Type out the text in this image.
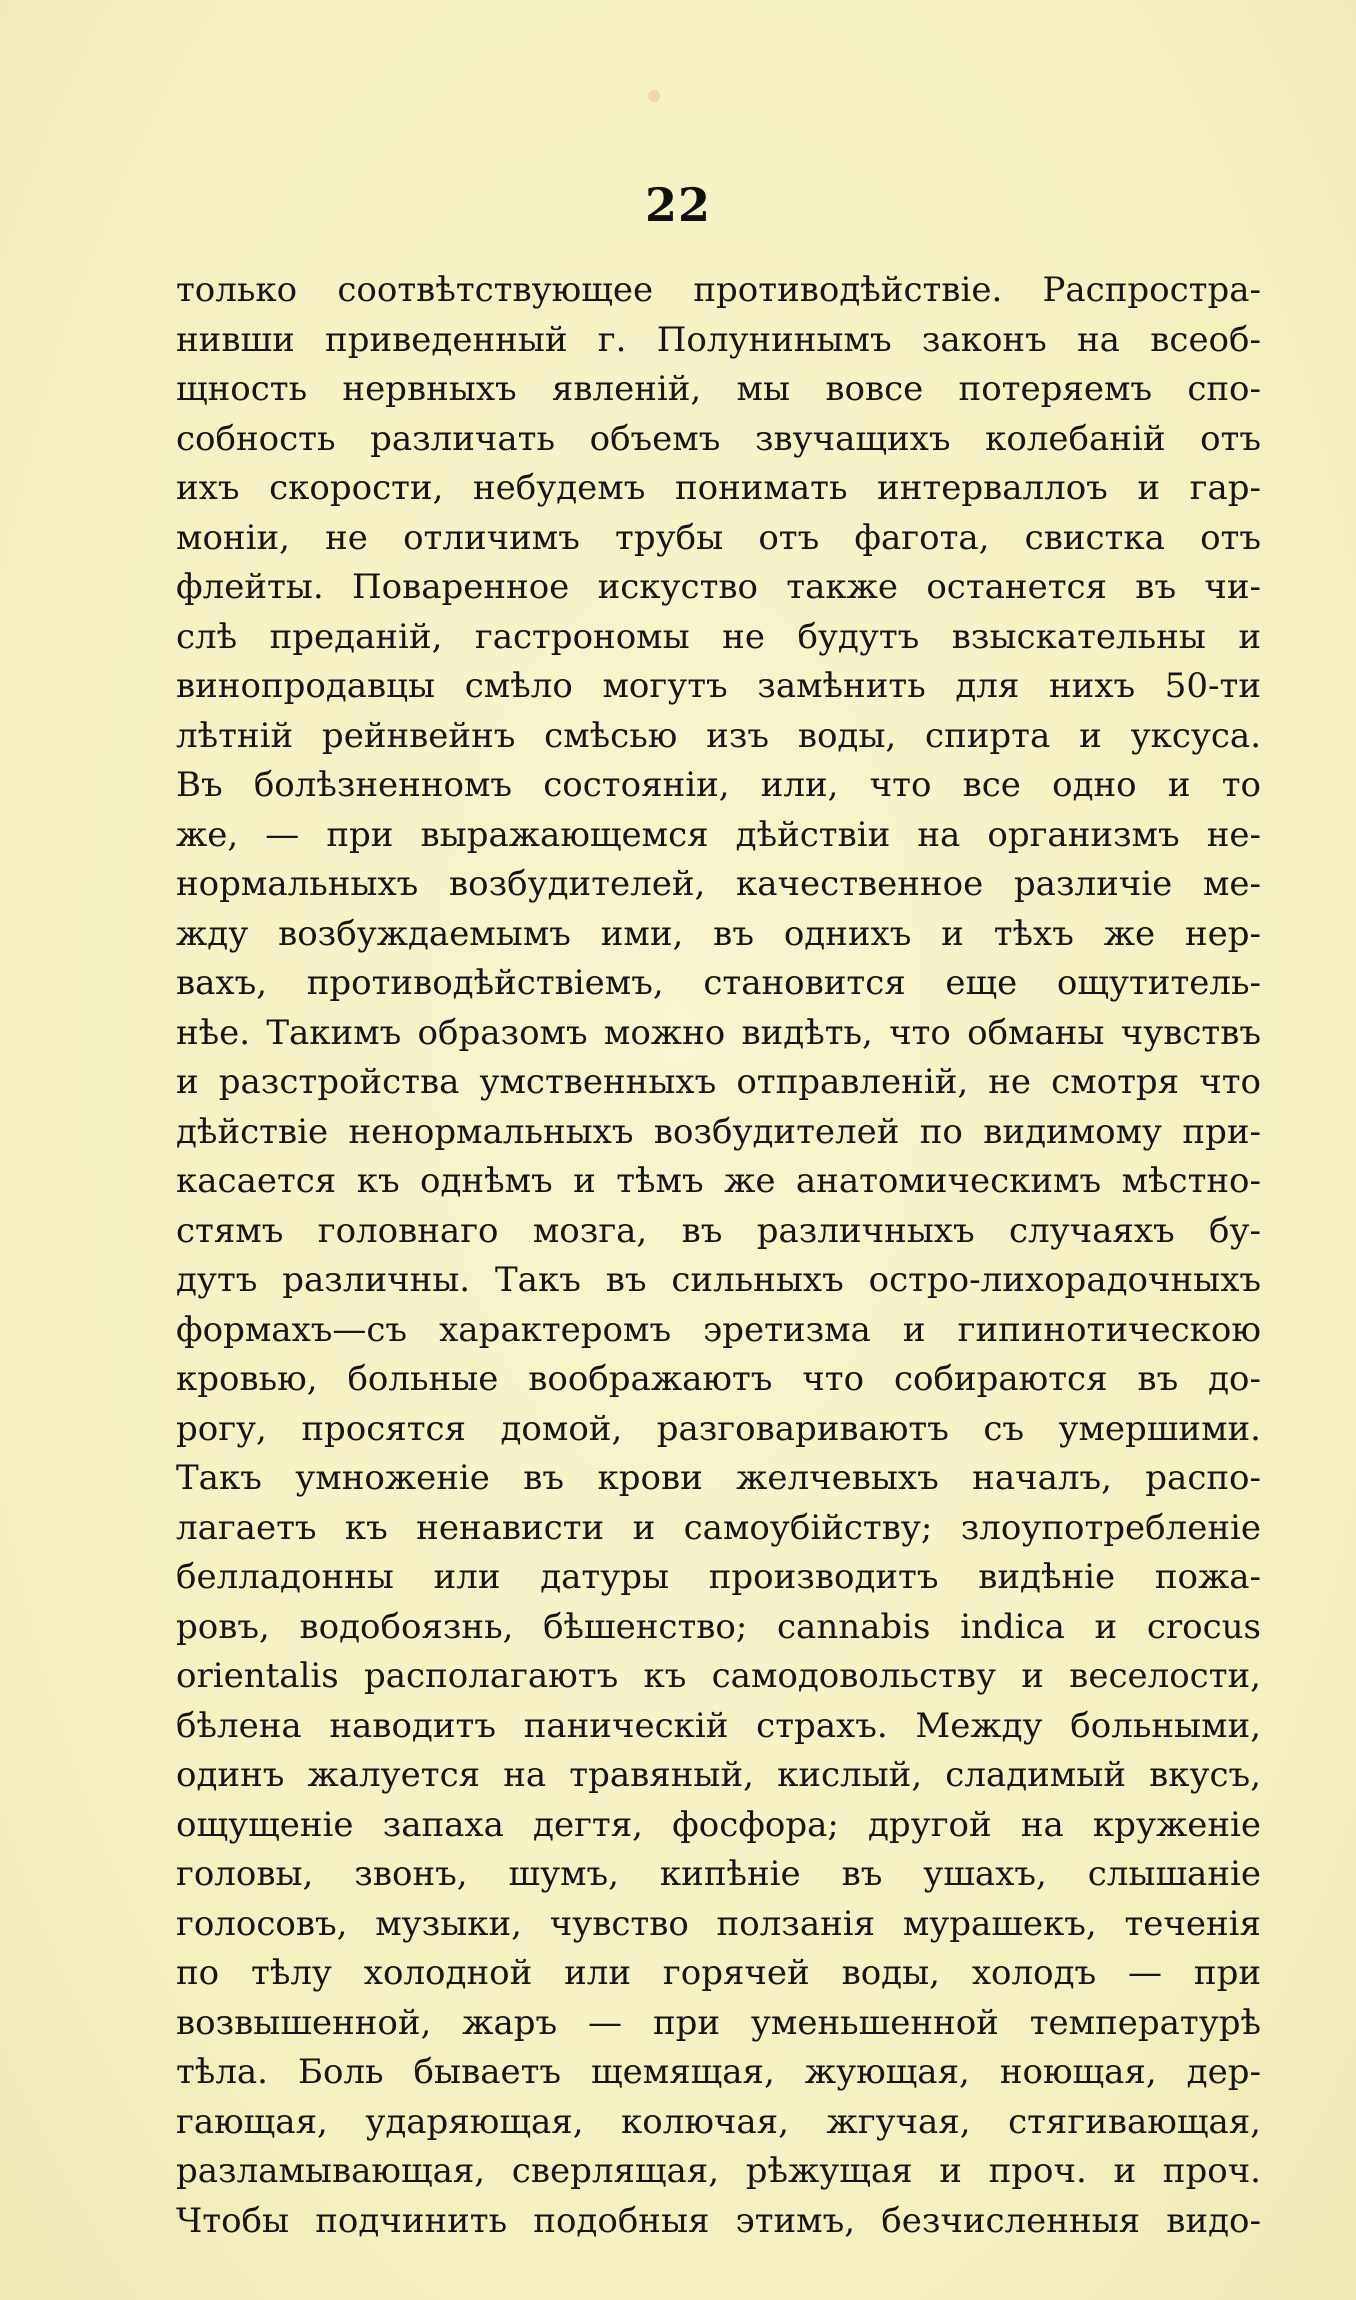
22
только соотвѣтствующее противодѣйствiе. Распростра-
нивши приведенный г. Полунинымъ законъ на всеоб-
щность нервныхъ явленiй, мы вовсе потеряемъ спо-
собность различать объемъ звучащихъ колебанiй отъ
ихъ скорости, небудемъ понимать интерваллоъ и гар-
монiи, не отличимъ трубы отъ фагота, свистка отъ
флейты. Поваренное искуство также останется въ чи-
слѣ преданiй, гастрономы не будутъ взыскательны и
винопродавцы смѣло могутъ замѣнить для нихъ 50-ти
лѣтнiй рейнвейнъ смѣсью изъ воды, спирта и уксуса.
Въ болѣзненномъ состоянiи, или, что все одно и то
же, — при выражающемся дѣйствiи на организмъ не-
нормальныхъ возбудителей, качественное различiе ме-
жду возбуждаемымъ ими, въ однихъ и тѣхъ же нер-
вахъ, противодѣйствiемъ, становится еще ощутитель-
нѣе. Такимъ образомъ можно видѣть, что обманы чувствъ
и разстройства умственныхъ отправленiй, не смотря что
дѣйствiе ненормальныхъ возбудителей по видимому при-
касается къ однѣмъ и тѣмъ же анатомическимъ мѣстно-
стямъ головнаго мозга, въ различныхъ случаяхъ бу-
дутъ различны. Такъ въ сильныхъ остро-лихорадочныхъ
формахъ—съ характеромъ эретизма и гипинотическою
кровью, больные воображаютъ что собираются въ до-
рогу, просятся домой, разговариваютъ съ умершими.
Такъ умноженiе въ крови желчевыхъ началъ, распо-
лагаетъ къ ненависти и самоубiйству; злоупотребленiе
белладонны или датуры производитъ видѣнiе пожа-
ровъ, водобоязнь, бѣшенство; cannabis indica и crocus
orientalis располагаютъ къ самодовольству и веселости,
бѣлена наводитъ паническiй страхъ. Между больными,
одинъ жалуется на травяный, кислый, сладимый вкусъ,
ощущенiе запаха дегтя, фосфора; другой на круженiе
головы, звонъ, шумъ, кипѣнiе въ ушахъ, слышанiе
голосовъ, музыки, чувство ползанiя мурашекъ, теченiя
по тѣлу холодной или горячей воды, холодъ — при
возвышенной, жаръ — при уменьшенной температурѣ
тѣла. Боль бываетъ щемящая, жующая, ноющая, дер-
гающая, ударяющая, колючая, жгучая, стягивающая,
разламывающая, сверлящая, рѣжущая и проч. и проч.
Чтобы подчинить подобныя этимъ, безчисленныя видо-
